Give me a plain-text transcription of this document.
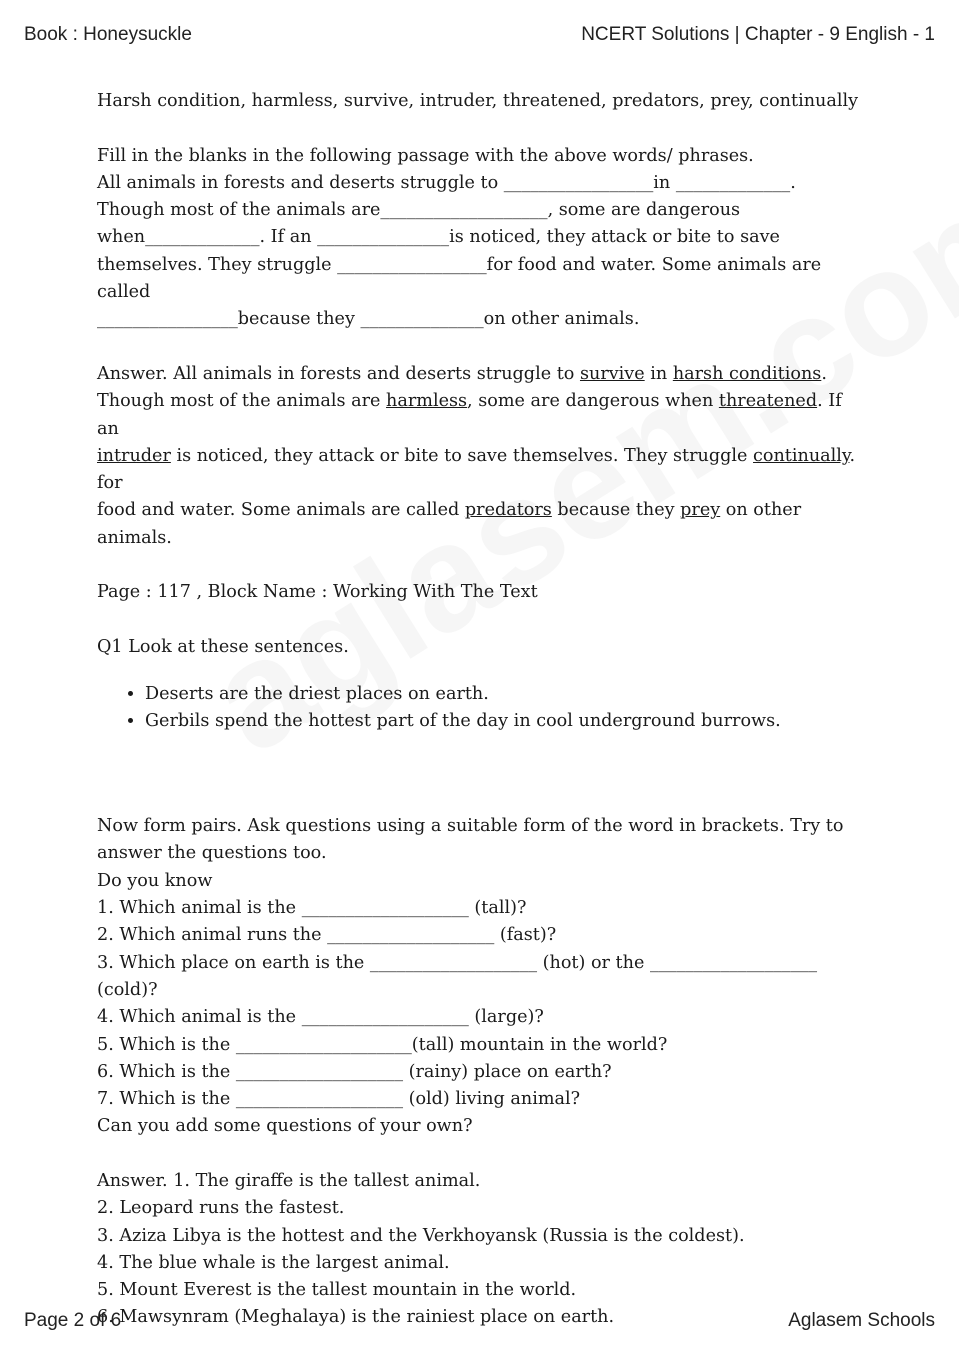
Book : Honeysuckle	NCERT Solutions | Chapter - 9 English - 1

Harsh condition, harmless, survive, intruder, threatened, predators, prey, continually

Fill in the blanks in the following passage with the above words/ phrases.
All animals in forests and deserts struggle to _________________in _____________.
Though most of the animals are___________________, some are dangerous
when_____________. If an _______________is noticed, they attack or bite to save
themselves. They struggle _________________for food and water. Some animals are called
________________because they ______________on other animals.

Answer. All animals in forests and deserts struggle to survive in harsh conditions.
Though most of the animals are harmless, some are dangerous when threatened. If an
intruder is noticed, they attack or bite to save themselves. They struggle continually. for
food and water. Some animals are called predators because they prey on other animals.

Page : 117 , Block Name : Working With The Text

Q1 Look at these sentences.

• Deserts are the driest places on earth.
• Gerbils spend the hottest part of the day in cool underground burrows.

Now form pairs. Ask questions using a suitable form of the word in brackets. Try to
answer the questions too.
Do you know
1. Which animal is the ___________________ (tall)?
2. Which animal runs the ___________________ (fast)?
3. Which place on earth is the ___________________ (hot) or the ___________________
(cold)?
4. Which animal is the ___________________ (large)?
5. Which is the ____________________(tall) mountain in the world?
6. Which is the ___________________ (rainy) place on earth?
7. Which is the ___________________ (old) living animal?
Can you add some questions of your own?

Answer. 1. The giraffe is the tallest animal.
2. Leopard runs the fastest.
3. Aziza Libya is the hottest and the Verkhoyansk (Russia is the coldest).
4. The blue whale is the largest animal.
5. Mount Everest is the tallest mountain in the world.
6. Mawsynram (Meghalaya) is the rainiest place on earth.

Page 2 of 6	Aglasem Schools
